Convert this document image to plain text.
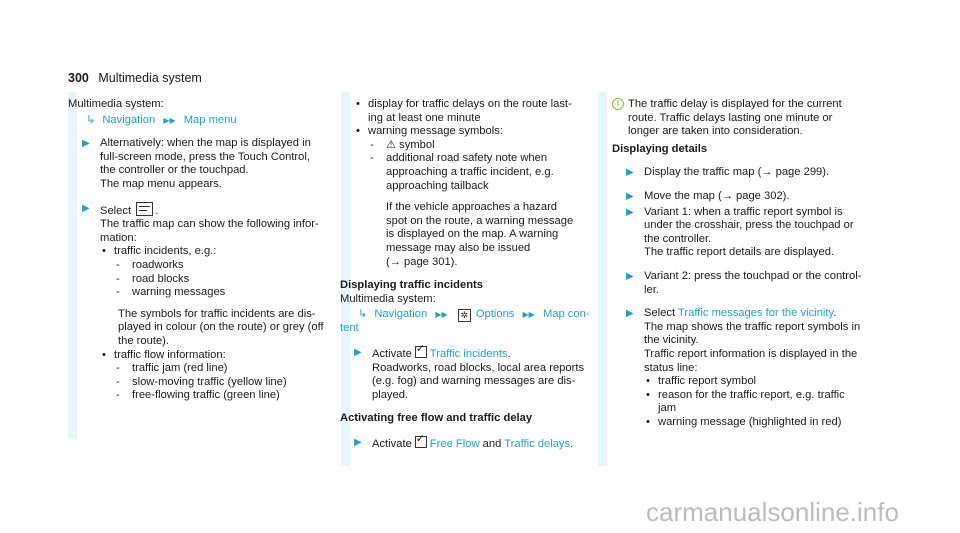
300 Multimedia system

Multimedia system:

↳ Navigation ▶▶ Map menu

▶ Alternatively: when the map is displayed in

full-screen mode, press the Touch Control,

the controller or the touchpad.

The map menu appears.

▶ Select .

The traffic map can show the following infor-

mation:

• traffic incidents, e.g.:
- roadworks
- road blocks
- warning messages

The symbols for traffic incidents are dis-

played in colour (on the route) or grey (off

the route).

• traffic flow information:
- traffic jam (red line)
- slow-moving traffic (yellow line)
- free-flowing traffic (green line)
• display for traffic delays on the route last-

ing at least one minute

• warning message symbols:
- ⚠ symbol
- additional road safety note when

approaching a traffic incident, e.g.

approaching tailback

If the vehicle approaches a hazard

spot on the route, a warning message

is displayed on the map. A warning

message may also be issued

(→ page 301).

Displaying traffic incidents

Multimedia system:

↳ Navigation ▶▶ ✲ Options ▶▶ Map con-

tent

▶ Activate ✓ Traffic incidents.

Roadworks, road blocks, local area reports

(e.g. fog) and warning messages are dis-

played.

Activating free flow and traffic delay

▶ Activate ✓ Free Flow and Traffic delays.

i The traffic delay is displayed for the current

route. Traffic delays lasting one minute or

longer are taken into consideration.

Displaying details

▶ Display the traffic map (→ page 299).

▶ Move the map (→ page 302).

▶ Variant 1: when a traffic report symbol is

under the crosshair, press the touchpad or

the controller.

The traffic report details are displayed.

▶ Variant 2: press the touchpad or the control-

ler.

▶ Select Traffic messages for the vicinity.

The map shows the traffic report symbols in

the vicinity.

Traffic report information is displayed in the

status line:

• traffic report symbol
• reason for the traffic report, e.g. traffic

jam

• warning message (highlighted in red)
carmanualsonline.info
